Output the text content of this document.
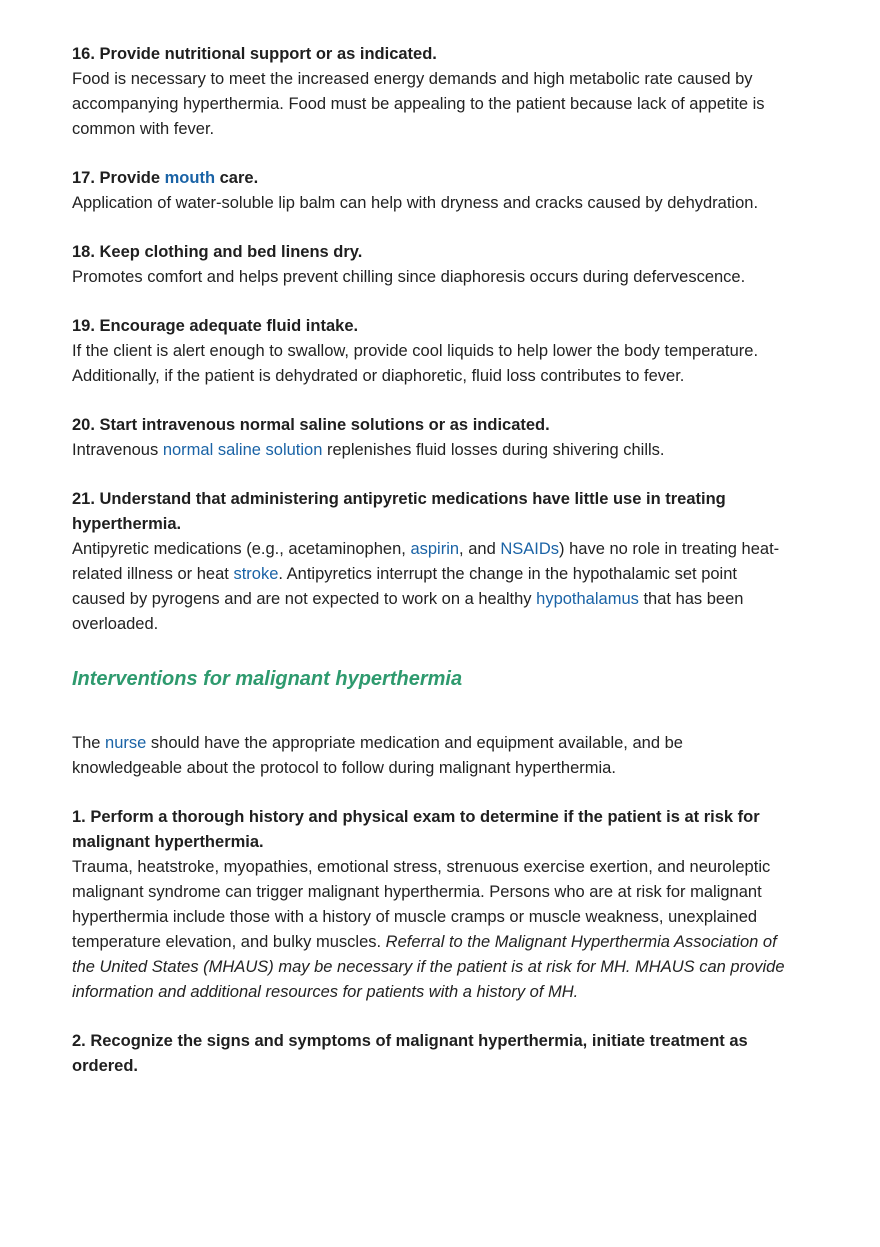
16. Provide nutritional support or as indicated.

Food is necessary to meet the increased energy demands and high metabolic rate caused by accompanying hyperthermia. Food must be appealing to the patient because lack of appetite is common with fever.

17. Provide mouth care.

Application of water-soluble lip balm can help with dryness and cracks caused by dehydration.

18. Keep clothing and bed linens dry.

Promotes comfort and helps prevent chilling since diaphoresis occurs during defervescence.

19. Encourage adequate fluid intake.

If the client is alert enough to swallow, provide cool liquids to help lower the body temperature. Additionally, if the patient is dehydrated or diaphoretic, fluid loss contributes to fever.

20. Start intravenous normal saline solutions or as indicated.

Intravenous normal saline solution replenishes fluid losses during shivering chills.

21. Understand that administering antipyretic medications have little use in treating hyperthermia.

Antipyretic medications (e.g., acetaminophen, aspirin, and NSAIDs) have no role in treating heat-related illness or heat stroke. Antipyretics interrupt the change in the hypothalamic set point caused by pyrogens and are not expected to work on a healthy hypothalamus that has been overloaded.

Interventions for malignant hyperthermia

The nurse should have the appropriate medication and equipment available, and be knowledgeable about the protocol to follow during malignant hyperthermia.

1. Perform a thorough history and physical exam to determine if the patient is at risk for malignant hyperthermia.

Trauma, heatstroke, myopathies, emotional stress, strenuous exercise exertion, and neuroleptic malignant syndrome can trigger malignant hyperthermia. Persons who are at risk for malignant hyperthermia include those with a history of muscle cramps or muscle weakness, unexplained temperature elevation, and bulky muscles. Referral to the Malignant Hyperthermia Association of the United States (MHAUS) may be necessary if the patient is at risk for MH. MHAUS can provide information and additional resources for patients with a history of MH.

2. Recognize the signs and symptoms of malignant hyperthermia, initiate treatment as ordered.
